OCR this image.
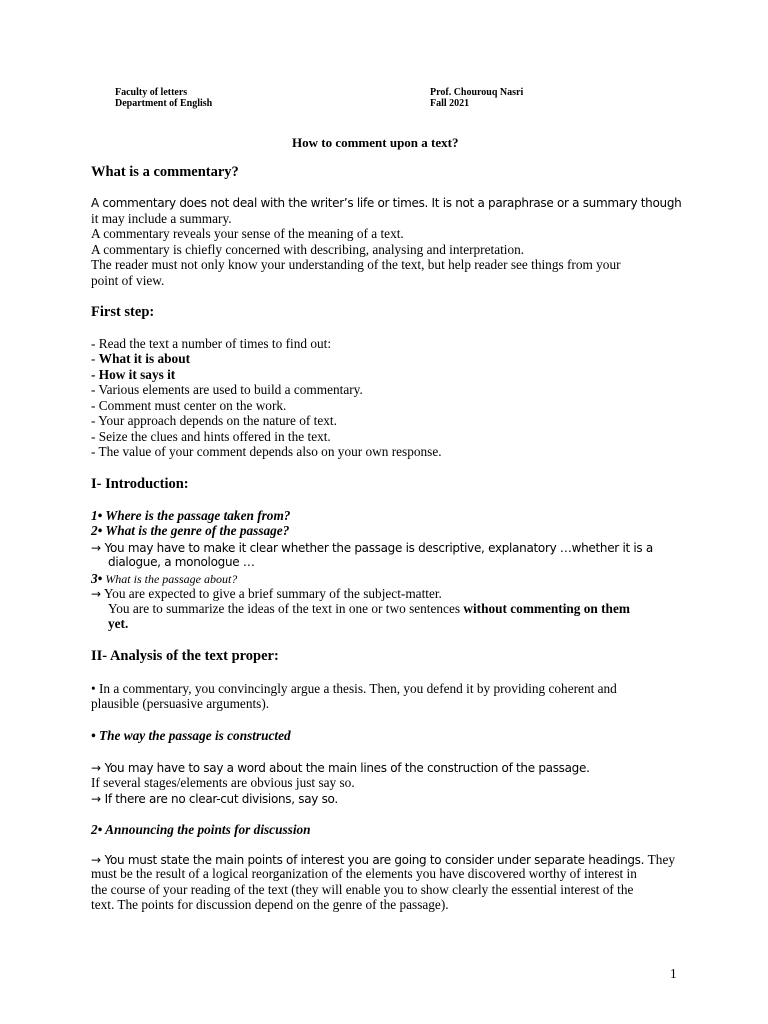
Faculty of letters
Department of English
Prof. Chourouq Nasri
Fall 2021
How to comment upon a text?
What is a commentary?
A commentary does not deal with the writer’s life or times. It is not a paraphrase or a summary though
it may include a summary.
A commentary reveals your sense of the meaning of a text.
A commentary is chiefly concerned with describing, analysing and interpretation.
The reader must not only know your understanding of the text, but help reader see things from your
point of view.
First step:
- Read the text a number of times to find out:
- What it is about
- How it says it
- Various elements are used to build a commentary.
- Comment must center on the work.
- Your approach depends on the nature of text.
- Seize the clues and hints offered in the text.
- The value of your comment depends also on your own response.
I- Introduction:
1• Where is the passage taken from?
2• What is the genre of the passage?
→ You may have to make it clear whether the passage is descriptive, explanatory …whether it is a
dialogue, a monologue …
3• What is the passage about?
→ You are expected to give a brief summary of the subject-matter.
You are to summarize the ideas of the text in one or two sentences without commenting on them
yet.
II- Analysis of the text proper:
• In a commentary, you convincingly argue a thesis. Then, you defend it by providing coherent and
plausible (persuasive arguments).
• The way the passage is constructed
→ You may have to say a word about the main lines of the construction of the passage.
If several stages/elements are obvious just say so.
→ If there are no clear-cut divisions, say so.
2• Announcing the points for discussion
→ You must state the main points of interest you are going to consider under separate headings. They
must be the result of a logical reorganization of the elements you have discovered worthy of interest in
the course of your reading of the text (they will enable you to show clearly the essential interest of the
text. The points for discussion depend on the genre of the passage).
1
